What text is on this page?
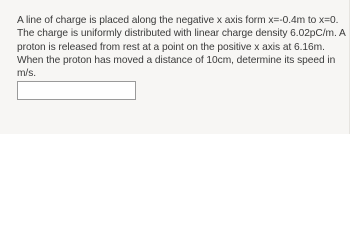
A line of charge is placed along the negative x axis form x=-0.4m to x=0. The charge is uniformly distributed with linear charge density 6.02pC/m. A proton is released from rest at a point on the positive x axis at 6.16m. When the proton has moved a distance of 10cm, determine its speed in m/s.
